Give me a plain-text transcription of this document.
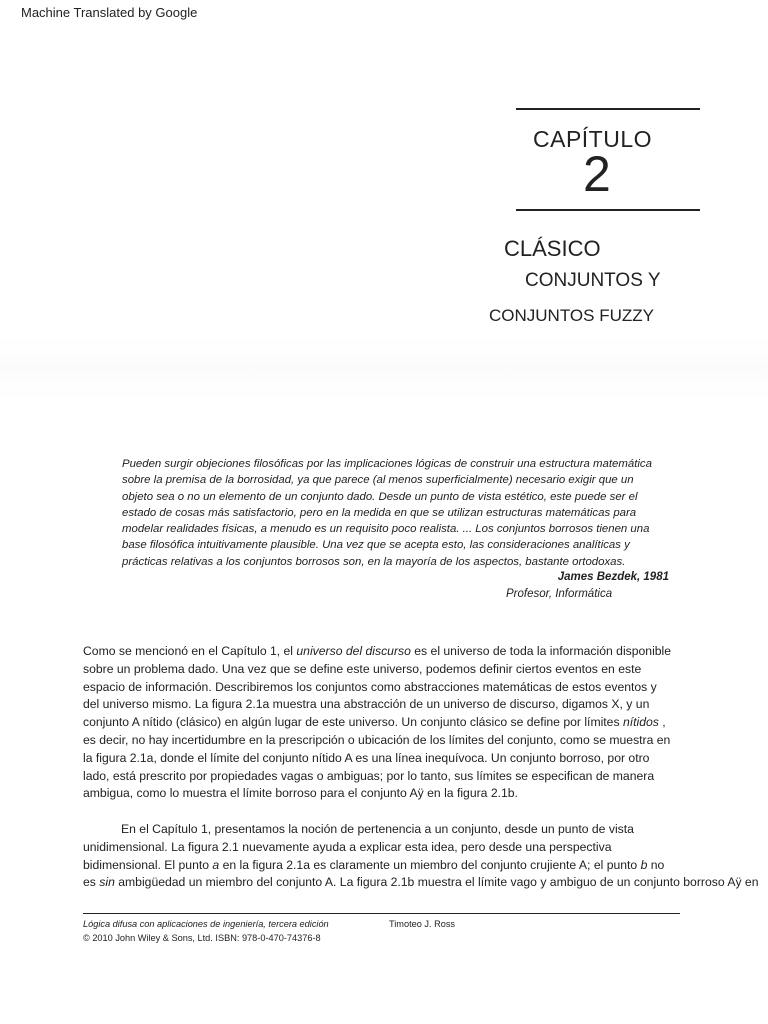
Machine Translated by Google
CAPÍTULO
2
CLÁSICO
CONJUNTOS Y
CONJUNTOS FUZZY
Pueden surgir objeciones filosóficas por las implicaciones lógicas de construir una estructura matemática
sobre la premisa de la borrosidad, ya que parece (al menos superficialmente) necesario exigir que un
objeto sea o no un elemento de un conjunto dado. Desde un punto de vista estético, este puede ser el
estado de cosas más satisfactorio, pero en la medida en que se utilizan estructuras matemáticas para
modelar realidades físicas, a menudo es un requisito poco realista. ... Los conjuntos borrosos tienen una
base filosófica intuitivamente plausible. Una vez que se acepta esto, las consideraciones analíticas y
prácticas relativas a los conjuntos borrosos son, en la mayoría de los aspectos, bastante ortodoxas.
James Bezdek, 1981
Profesor, Informática
Como se mencionó en el Capítulo 1, el universo del discurso es el universo de toda la información disponible
sobre un problema dado. Una vez que se define este universo, podemos definir ciertos eventos en este
espacio de información. Describiremos los conjuntos como abstracciones matemáticas de estos eventos y
del universo mismo. La figura 2.1a muestra una abstracción de un universo de discurso, digamos X, y un
conjunto A nítido (clásico) en algún lugar de este universo. Un conjunto clásico se define por límites nítidos ,
es decir, no hay incertidumbre en la prescripción o ubicación de los límites del conjunto, como se muestra en
la figura 2.1a, donde el límite del conjunto nítido A es una línea inequívoca. Un conjunto borroso, por otro
lado, está prescrito por propiedades vagas o ambiguas; por lo tanto, sus límites se especifican de manera
ambigua, como lo muestra el límite borroso para el conjunto Aÿ en la figura 2.1b.
En el Capítulo 1, presentamos la noción de pertenencia a un conjunto, desde un punto de vista
unidimensional. La figura 2.1 nuevamente ayuda a explicar esta idea, pero desde una perspectiva
bidimensional. El punto a en la figura 2.1a es claramente un miembro del conjunto crujiente A; el punto b no
es sin ambigüedad un miembro del conjunto A. La figura 2.1b muestra el límite vago y ambiguo de un conjunto borroso Aÿ en
Lógica difusa con aplicaciones de ingeniería, tercera edición	Timoteo J. Ross
© 2010 John Wiley & Sons, Ltd. ISBN: 978-0-470-74376-8
